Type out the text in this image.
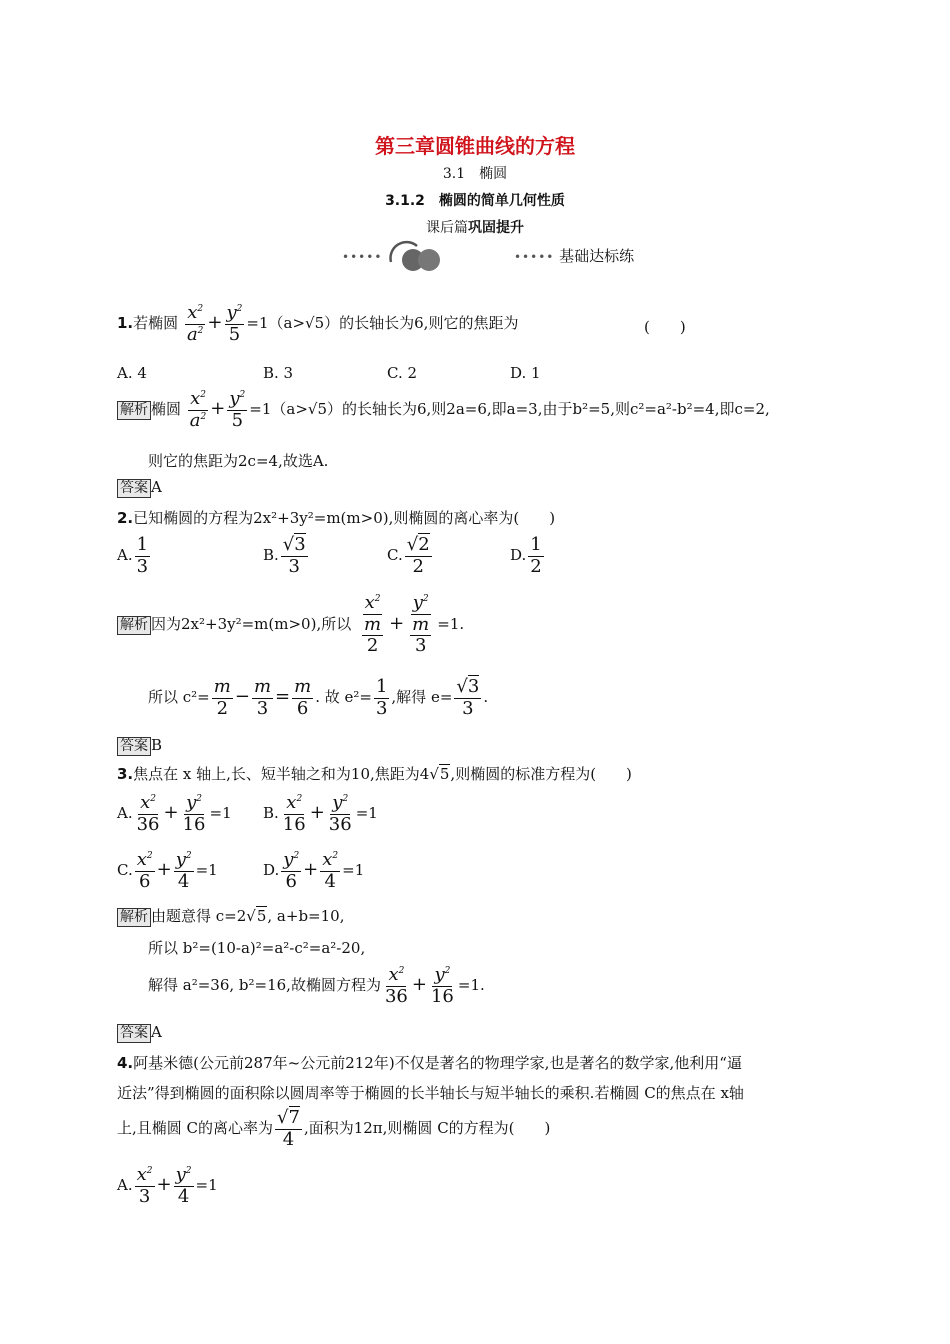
第三章圆锥曲线的方程
3.1　椭圆
3.1.2　椭圆的简单几何性质
课后篇巩固提升
•••••	••••• 基础达标练
1.若椭圆 $\frac{x^2}{a^2} + \frac{y^2}{5} =1(a>√5)$的长轴长为6,则它的焦距为	(　　)
A. 4	B. 3	C. 2	D. 1
解析 椭圆 $\frac{x^2}{a^2} + \frac{y^2}{5} =1(a>√5)$的长轴长为6,则2a=6,即a=3,由于b²=5,则c²=a²-b²=4,即c=2,
则它的焦距为2c=4,故选A.
答案 A
2.已知椭圆的方程为2x²+3y²=m(m>0),则椭圆的离心率为(　　)
A. $\frac{1}{3}$	B. $\frac{√3}{3}$	C. $\frac{√2}{2}$	D. $\frac{1}{2}$
解析 因为2x²+3y²=m(m>0),所以 $\frac{x^2}{\frac{m}{2}} + \frac{y^2}{\frac{m}{3}} =1$.
所以 $c^2= \frac{m}{2} - \frac{m}{3} = \frac{m}{6}$ . 故 $e^2= \frac{1}{3}$ ,解得 $e= \frac{√3}{3}$ .
答案 B
3.焦点在 x 轴上,长、短半轴之和为10,焦距为4√5,则椭圆的标准方程为(　　)
A. $\frac{x^2}{36} + \frac{y^2}{16} =1$ B. $\frac{x^2}{16} + \frac{y^2}{36} =1$
C. $\frac{x^2}{6} + \frac{y^2}{4} =1$	D. $\frac{y^2}{6} + \frac{x^2}{4} =1$
解析 由题意得 c=2√5, a+b=10,
所以 b²=(10-a)²=a²-c²=a²-20,
解得 a²=36, b²=16,故椭圆方程为 $\frac{x^2}{36} + \frac{y^2}{16} =1$.
答案 A
4.阿基米德(公元前287年~公元前212年)不仅是著名的物理学家,也是著名的数学家,他利用“逼
近法”得到椭圆的面积除以圆周率等于椭圆的长半轴长与短半轴长的乘积.若椭圆 C的焦点在 x轴
上,且椭圆 C的离心率为 $\frac{√7}{4}$ ,面积为12π,则椭圆 C的方程为(　　)
A. $\frac{x^2}{3} + \frac{y^2}{4} =1$
